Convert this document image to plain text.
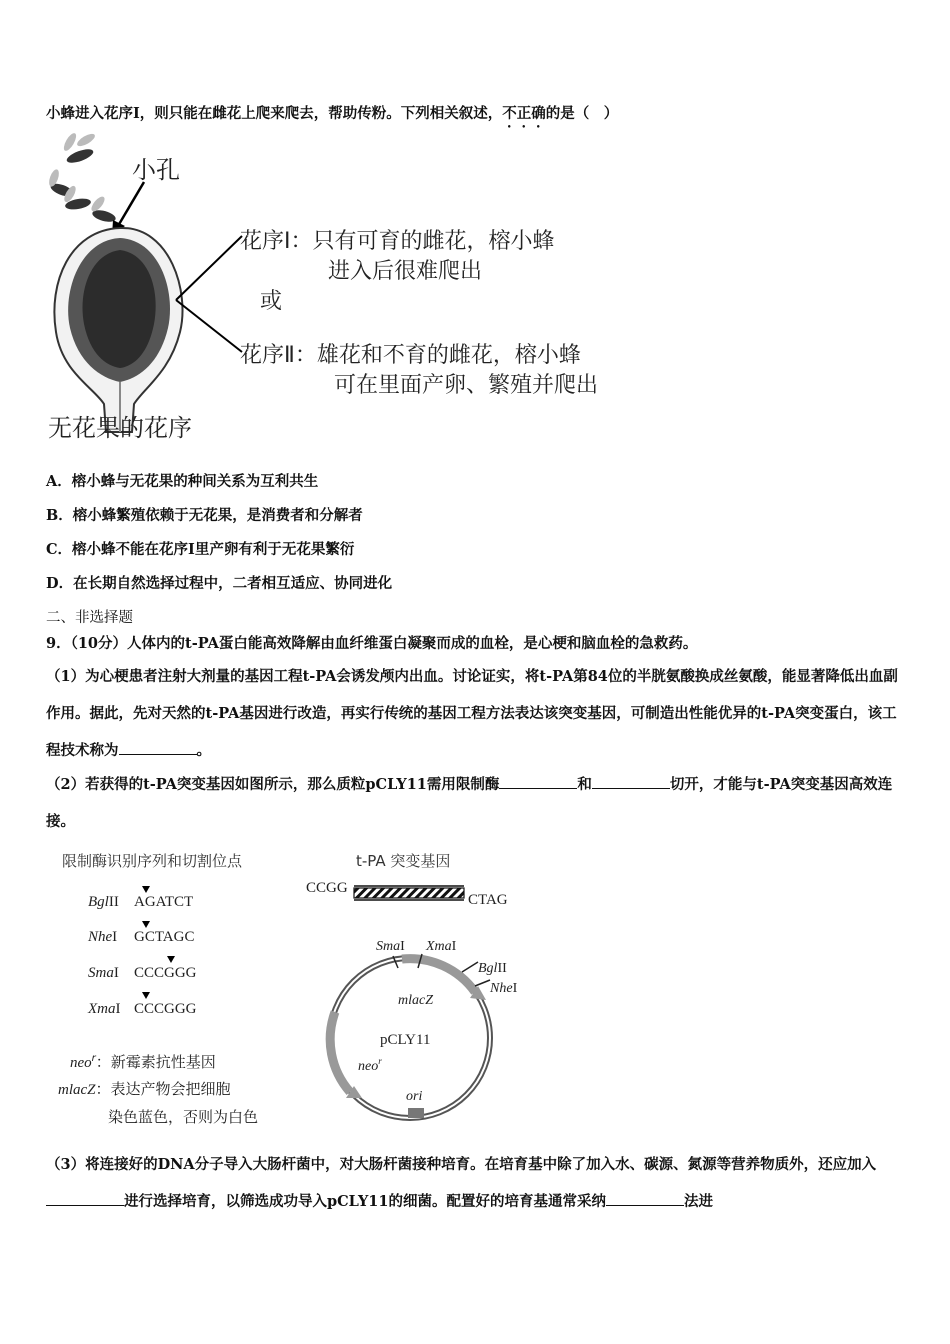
小蜂进入花序Ⅰ，则只能在雌花上爬来爬去，帮助传粉。下列相关叙述，不正确的是（　）
小孔
花序Ⅰ：只有可育的雌花，榕小蜂
进入后很难爬出
或
花序Ⅱ：雄花和不育的雌花，榕小蜂
可在里面产卵、繁殖并爬出
无花果的花序
A．榕小蜂与无花果的种间关系为互利共生
B．榕小蜂繁殖依赖于无花果，是消费者和分解者
C．榕小蜂不能在花序Ⅰ里产卵有利于无花果繁衍
D．在长期自然选择过程中，二者相互适应、协同进化
二、非选择题
9．（10分）人体内的t-PA蛋白能高效降解由血纤维蛋白凝聚而成的血栓，是心梗和脑血栓的急救药。
（1）为心梗患者注射大剂量的基因工程t-PA会诱发颅内出血。讨论证实，将t-PA第84位的半胱氨酸换成丝氨酸，能显著降低出血副作用。据此，先对天然的t-PA基因进行改造，再实行传统的基因工程方法表达该突变基因，可制造出性能优异的t-PA突变蛋白，该工程技术称为	。
（2）若获得的t-PA突变基因如图所示，那么质粒pCLY11需用限制酶	和	切开，才能与t-PA突变基因高效连接。
限制酶识别序列和切割位点
BglII AGATCT
NheI GCTAGC
SmaI CCCGGG
XmaI CCCGGG
neo$^r$：新霉素抗性基因
mlacZ：表达产物会把细胞
染色蓝色，否则为白色
t-PA 突变基因
CCGG
CTAG
SmaI XmaI
BglII
NheI
mlacZ
pCLY11
neo$^r$
ori
（3）将连接好的DNA分子导入大肠杆菌中，对大肠杆菌接种培育。在培育基中除了加入水、碳源、氮源等营养物质外，还应加入进行选择培育，以筛选成功导入pCLY11的细菌。配置好的培育基通常采纳	法进
